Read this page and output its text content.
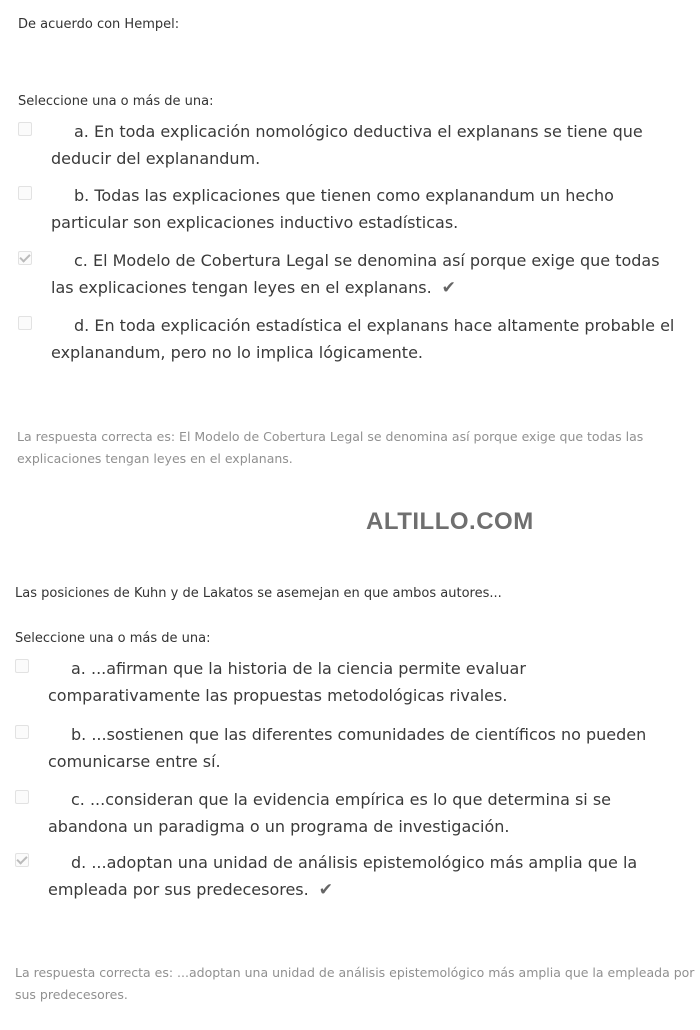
De acuerdo con Hempel:
Seleccione una o más de una:
a. En toda explicación nomológico deductiva el explanans se tiene que deducir del explanandum.
b. Todas las explicaciones que tienen como explanandum un hecho particular son explicaciones inductivo estadísticas.
c. El Modelo de Cobertura Legal se denomina así porque exige que todas las explicaciones tengan leyes en el explanans. ✔
d. En toda explicación estadística el explanans hace altamente probable el explanandum, pero no lo implica lógicamente.
La respuesta correcta es: El Modelo de Cobertura Legal se denomina así porque exige que todas las explicaciones tengan leyes en el explanans.
ALTILLO.COM
Las posiciones de Kuhn y de Lakatos se asemejan en que ambos autores...
Seleccione una o más de una:
a. ...afirman que la historia de la ciencia permite evaluar comparativamente las propuestas metodológicas rivales.
b. ...sostienen que las diferentes comunidades de científicos no pueden comunicarse entre sí.
c. ...consideran que la evidencia empírica es lo que determina si se abandona un paradigma o un programa de investigación.
d. ...adoptan una unidad de análisis epistemológico más amplia que la empleada por sus predecesores. ✔
La respuesta correcta es: ...adoptan una unidad de análisis epistemológico más amplia que la empleada por sus predecesores.
